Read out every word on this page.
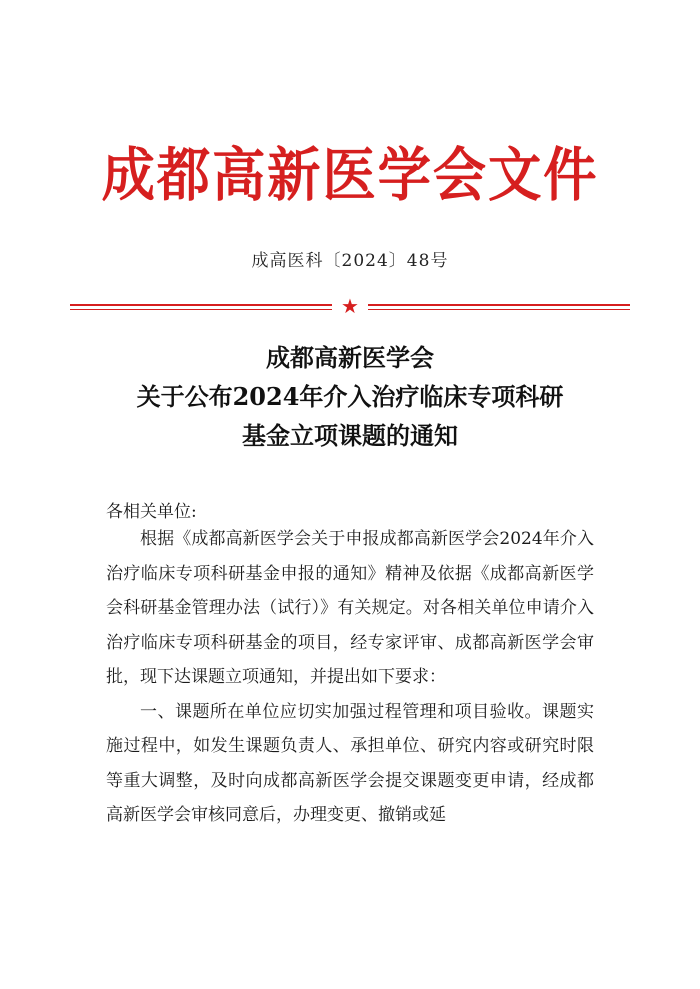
成都高新医学会文件
成高医科〔2024〕48号
★
成都高新医学会
关于公布2024年介入治疗临床专项科研
基金立项课题的通知
各相关单位:

根据《成都高新医学会关于申报成都高新医学会2024年介入治疗临床专项科研基金申报的通知》精神及依据《成都高新医学会科研基金管理办法（试行）》有关规定。对各相关单位申请介入治疗临床专项科研基金的项目，经专家评审、成都高新医学会审批，现下达课题立项通知，并提出如下要求：

一、课题所在单位应切实加强过程管理和项目验收。课题实施过程中，如发生课题负责人、承担单位、研究内容或研究时限等重大调整，及时向成都高新医学会提交课题变更申请，经成都高新医学会审核同意后，办理变更、撤销或延
